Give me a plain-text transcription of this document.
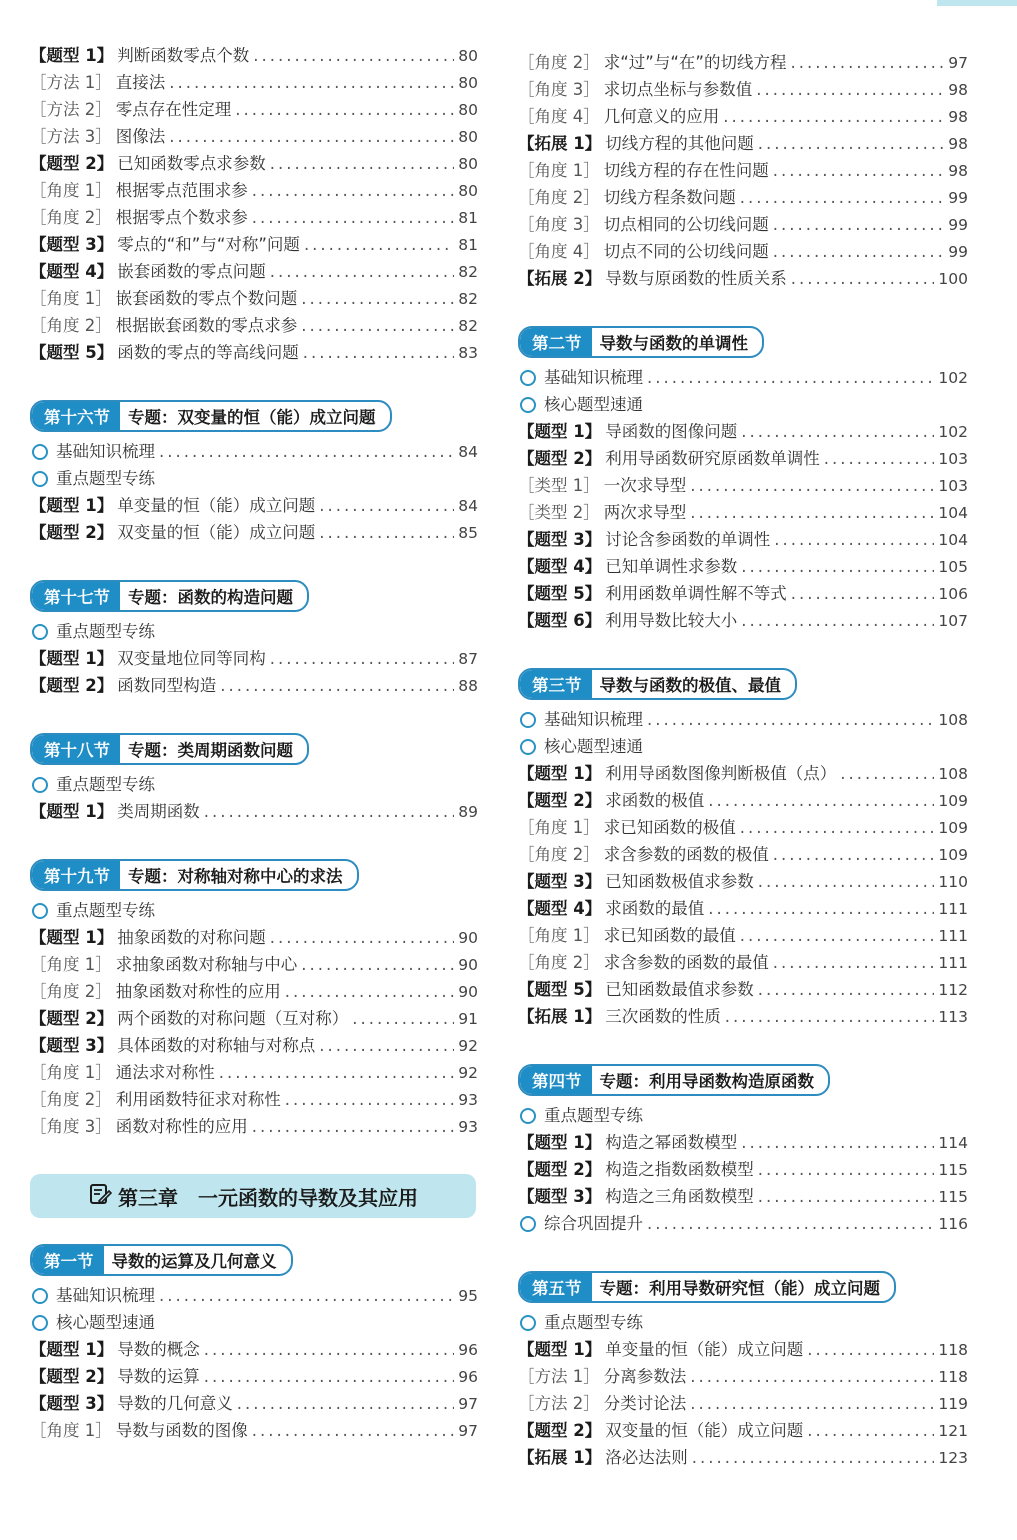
【题型 1】 判断函数零点个数 .....	80
［方法 1］ 直接法 .....	80
［方法 2］ 零点存在性定理 .....	80
［方法 3］ 图像法 .....	80
【题型 2】 已知函数零点求参数 .....	80
［角度 1］ 根据零点范围求参 .....	80
［角度 2］ 根据零点个数求参 .....	81
【题型 3】 零点的“和”与“对称”问题 .....	81
【题型 4】 嵌套函数的零点问题 .....	82
［角度 1］ 嵌套函数的零点个数问题 .....	82
［角度 2］ 根据嵌套函数的零点求参 .....	82
【题型 5】 函数的零点的等高线问题 .....	83
第十六节	专题：双变量的恒（能）成立问题
基础知识梳理 .....	84
重点题型专练
【题型 1】 单变量的恒（能）成立问题 .....	84
【题型 2】 双变量的恒（能）成立问题 .....	85
第十七节	专题：函数的构造问题
重点题型专练
【题型 1】 双变量地位同等同构 .....	87
【题型 2】 函数同型构造 .....	88
第十八节	专题：类周期函数问题
重点题型专练
【题型 1】 类周期函数 .....	89
第十九节	专题：对称轴对称中心的求法
重点题型专练
【题型 1】 抽象函数的对称问题 .....	90
［角度 1］ 求抽象函数对称轴与中心 .....	90
［角度 2］ 抽象函数对称性的应用 .....	90
【题型 2】 两个函数的对称问题（互对称） .....	91
【题型 3】 具体函数的对称轴与对称点 .....	92
［角度 1］ 通法求对称性 .....	92
［角度 2］ 利用函数特征求对称性 .....	93
［角度 3］ 函数对称性的应用 .....	93
第三章　一元函数的导数及其应用
第一节	导数的运算及几何意义
基础知识梳理 .....	95
核心题型速通
【题型 1】 导数的概念 .....	96
【题型 2】 导数的运算 .....	96
【题型 3】 导数的几何意义 .....	97
［角度 1］ 导数与函数的图像 .....	97
［角度 2］ 求“过”与“在”的切线方程 .....	97
［角度 3］ 求切点坐标与参数值 .....	98
［角度 4］ 几何意义的应用 .....	98
【拓展 1】 切线方程的其他问题 .....	98
［角度 1］ 切线方程的存在性问题 .....	98
［角度 2］ 切线方程条数问题 .....	99
［角度 3］ 切点相同的公切线问题 .....	99
［角度 4］ 切点不同的公切线问题 .....	99
【拓展 2】 导数与原函数的性质关系 .....	100
第二节	导数与函数的单调性
基础知识梳理 .....	102
核心题型速通
【题型 1】 导函数的图像问题 .....	102
【题型 2】 利用导函数研究原函数单调性 .....	103
［类型 1］ 一次求导型 .....	103
［类型 2］ 两次求导型 .....	104
【题型 3】 讨论含参函数的单调性 .....	104
【题型 4】 已知单调性求参数 .....	105
【题型 5】 利用函数单调性解不等式 .....	106
【题型 6】 利用导数比较大小 .....	107
第三节	导数与函数的极值、最值
基础知识梳理 .....	108
核心题型速通
【题型 1】 利用导函数图像判断极值（点） .....	108
【题型 2】 求函数的极值 .....	109
［角度 1］ 求已知函数的极值 .....	109
［角度 2］ 求含参数的函数的极值 .....	109
【题型 3】 已知函数极值求参数 .....	110
【题型 4】 求函数的最值 .....	111
［角度 1］ 求已知函数的最值 .....	111
［角度 2］ 求含参数的函数的最值 .....	111
【题型 5】 已知函数最值求参数 .....	112
【拓展 1】 三次函数的性质 .....	113
第四节	专题：利用导函数构造原函数
重点题型专练
【题型 1】 构造之幂函数模型 .....	114
【题型 2】 构造之指数函数模型 .....	115
【题型 3】 构造之三角函数模型 .....	115
综合巩固提升 .....	116
第五节	专题：利用导数研究恒（能）成立问题
重点题型专练
【题型 1】 单变量的恒（能）成立问题 .....	118
［方法 1］ 分离参数法 .....	118
［方法 2］ 分类讨论法 .....	119
【题型 2】 双变量的恒（能）成立问题 .....	121
【拓展 1】 洛必达法则 .....	123
